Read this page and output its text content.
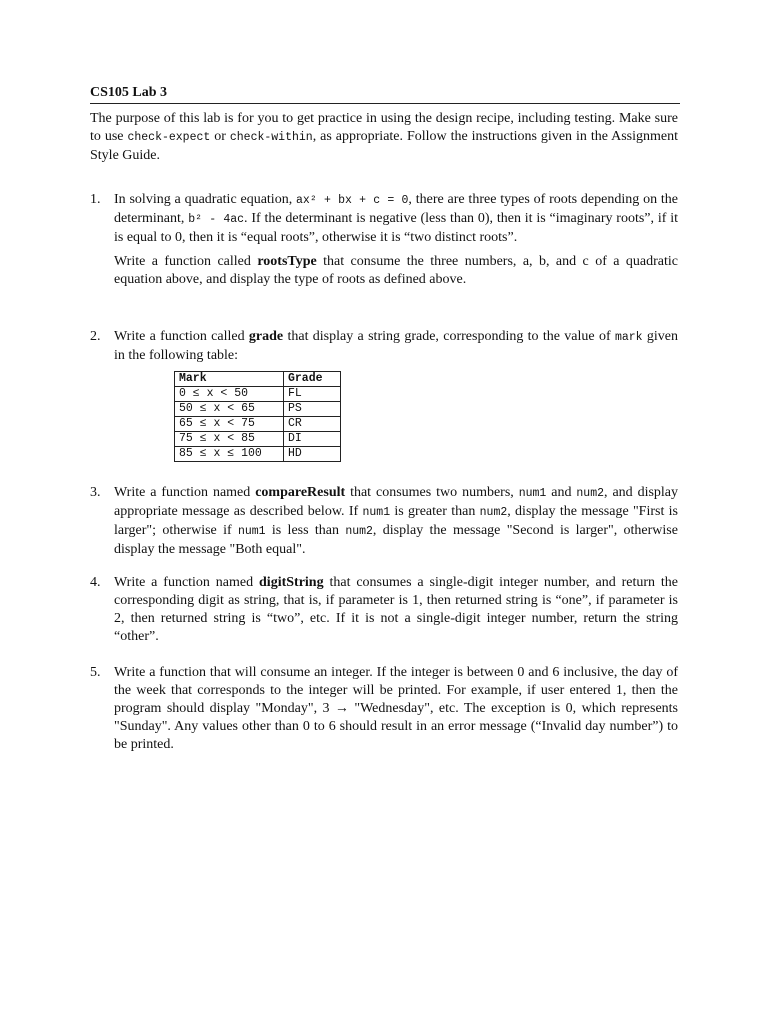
CS105 Lab 3
The purpose of this lab is for you to get practice in using the design recipe, including testing. Make sure to use check-expect or check-within, as appropriate. Follow the instructions given in the Assignment Style Guide.
1. In solving a quadratic equation, ax² + bx + c = 0, there are three types of roots depending on the determinant, b² - 4ac. If the determinant is negative (less than 0), then it is “imaginary roots”, if it is equal to 0, then it is “equal roots”, otherwise it is “two distinct roots”.

Write a function called rootsType that consume the three numbers, a, b, and c of a quadratic equation above, and display the type of roots as defined above.

2. Write a function called grade that display a string grade, corresponding to the value of mark given in the following table:

Mark	Grade
0 ≤ x < 50	FL
50 ≤ x < 65	PS
65 ≤ x < 75	CR
75 ≤ x < 85	DI
85 ≤ x ≤ 100	HD
3. Write a function named compareResult that consumes two numbers, num1 and num2, and display appropriate message as described below. If num1 is greater than num2, display the message "First is larger"; otherwise if num1 is less than num2, display the message "Second is larger", otherwise display the message "Both equal".

4. Write a function named digitString that consumes a single-digit integer number, and return the corresponding digit as string, that is, if parameter is 1, then returned string is “one”, if parameter is 2, then returned string is “two”, etc. If it is not a single-digit integer number, return the string “other”.

5. Write a function that will consume an integer. If the integer is between 0 and 6 inclusive, the day of the week that corresponds to the integer will be printed. For example, if user entered 1, then the program should display "Monday", 3 → "Wednesday", etc. The exception is 0, which represents "Sunday". Any values other than 0 to 6 should result in an error message (“Invalid day number”) to be printed.
